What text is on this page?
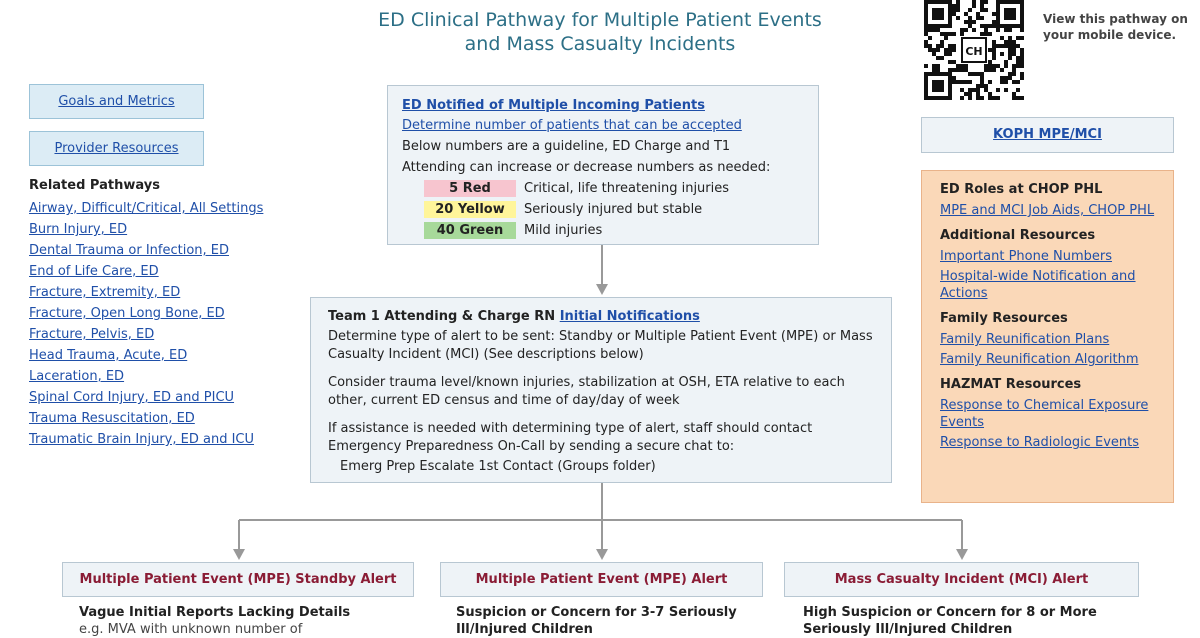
ED Clinical Pathway for Multiple Patient Events
and Mass Casualty Incidents	CH
View this pathway on your mobile device.
Goals and Metrics
Provider Resources
Related Pathways
Airway, Difficult/Critical, All Settings
Burn Injury, ED
Dental Trauma or Infection, ED
End of Life Care, ED
Fracture, Extremity, ED
Fracture, Open Long Bone, ED
Fracture, Pelvis, ED
Head Trauma, Acute, ED
Laceration, ED
Spinal Cord Injury, ED and PICU
Trauma Resuscitation, ED
Traumatic Brain Injury, ED and ICU
ED Notified of Multiple Incoming Patients
Determine number of patients that can be accepted
Below numbers are a guideline, ED Charge and T1
Attending can increase or decrease numbers as needed:
5 Red	Critical, life threatening injuries
20 Yellow	Seriously injured but stable
40 Green	Mild injuries
Team 1 Attending & Charge RN Initial Notifications
Determine type of alert to be sent: Standby or Multiple Patient Event (MPE) or Mass Casualty Incident (MCI) (See descriptions below)
Consider trauma level/known injuries, stabilization at OSH, ETA relative to each other, current ED census and time of day/day of week
If assistance is needed with determining type of alert, staff should contact Emergency Preparedness On-Call by sending a secure chat to:
Emerg Prep Escalate 1st Contact (Groups folder)
KOPH MPE/MCI
ED Roles at CHOP PHL
MPE and MCI Job Aids, CHOP PHL
Additional Resources
Important Phone Numbers
Hospital-wide Notification and Actions
Family Resources
Family Reunification Plans
Family Reunification Algorithm
HAZMAT Resources
Response to Chemical Exposure Events
Response to Radiologic Events
Multiple Patient Event (MPE) Standby Alert	Multiple Patient Event (MPE) Alert	Mass Casualty Incident (MCI) Alert
Vague Initial Reports Lacking Details
e.g. MVA with unknown number of
Suspicion or Concern for 3-7 Seriously Ill/Injured Children
High Suspicion or Concern for 8 or More Seriously Ill/Injured Children
